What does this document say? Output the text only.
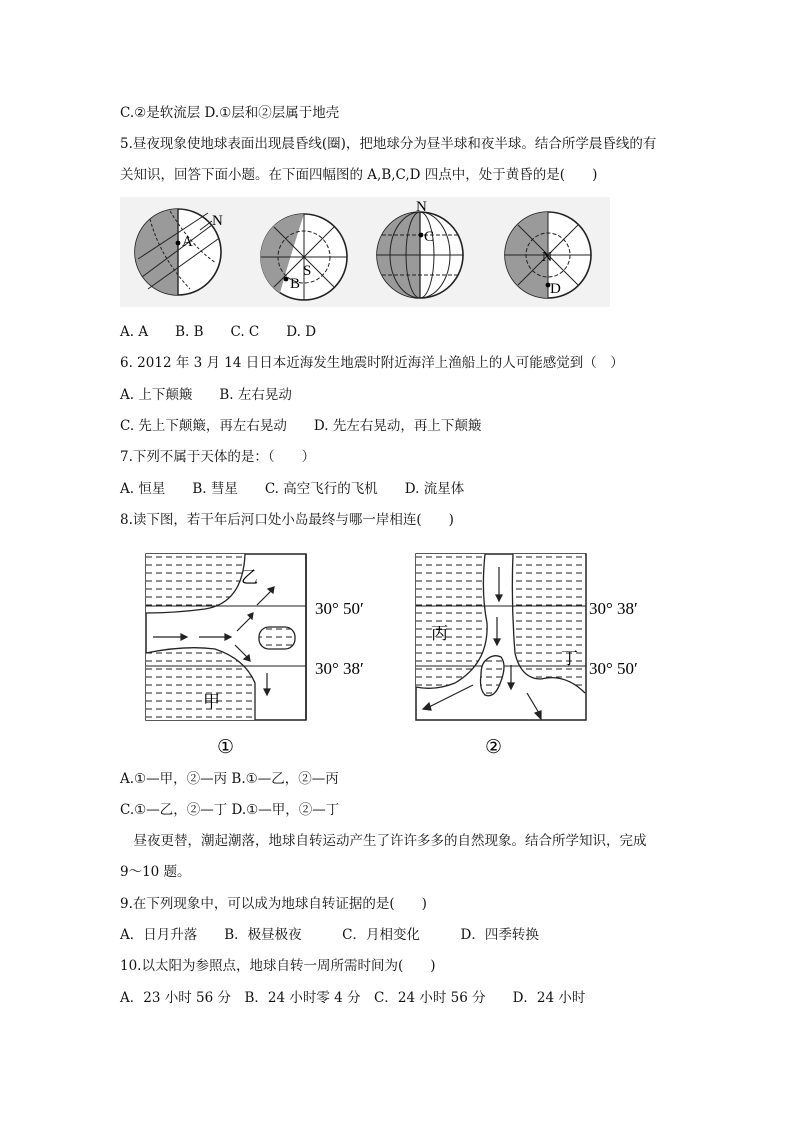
C.②是软流层 D.①层和②层属于地壳
5.昼夜现象使地球表面出现晨昏线(圈)，把地球分为昼半球和夜半球。结合所学晨昏线的有
关知识，回答下面小题。在下面四幅图的 A,B,C,D 四点中，处于黄昏的是(　　)
A
N
B
S
C
N
D
N
A. A　　B. B　　C. C　　D. D
6. 2012 年 3 月 14 日日本近海发生地震时附近海洋上渔船上的人可能感觉到（　）
A. 上下颠簸　　B. 左右晃动
C. 先上下颠簸，再左右晃动　　D. 先左右晃动，再上下颠簸
7.下列不属于天体的是：（　　）
A. 恒星　　B. 彗星　　C. 高空飞行的飞机　　D. 流星体
8.读下图，若干年后河口处小岛最终与哪一岸相连(　　)
乙
甲
30° 50′
30° 38′
①
丙
丁
30° 38′
30° 50′
②
A.①—甲，②—丙 B.①—乙，②—丙
C.①—乙，②—丁 D.①—甲，②—丁
　昼夜更替，潮起潮落，地球自转运动产生了许许多多的自然现象。结合所学知识，完成
9～10 题。
9.在下列现象中，可以成为地球自转证据的是(　　)
A．日月升落　　B．极昼极夜　　　C．月相变化　　　D．四季转换
10.以太阳为参照点，地球自转一周所需时间为(　　)
A．23 小时 56 分　B．24 小时零 4 分　C．24 小时 56 分　　D．24 小时
